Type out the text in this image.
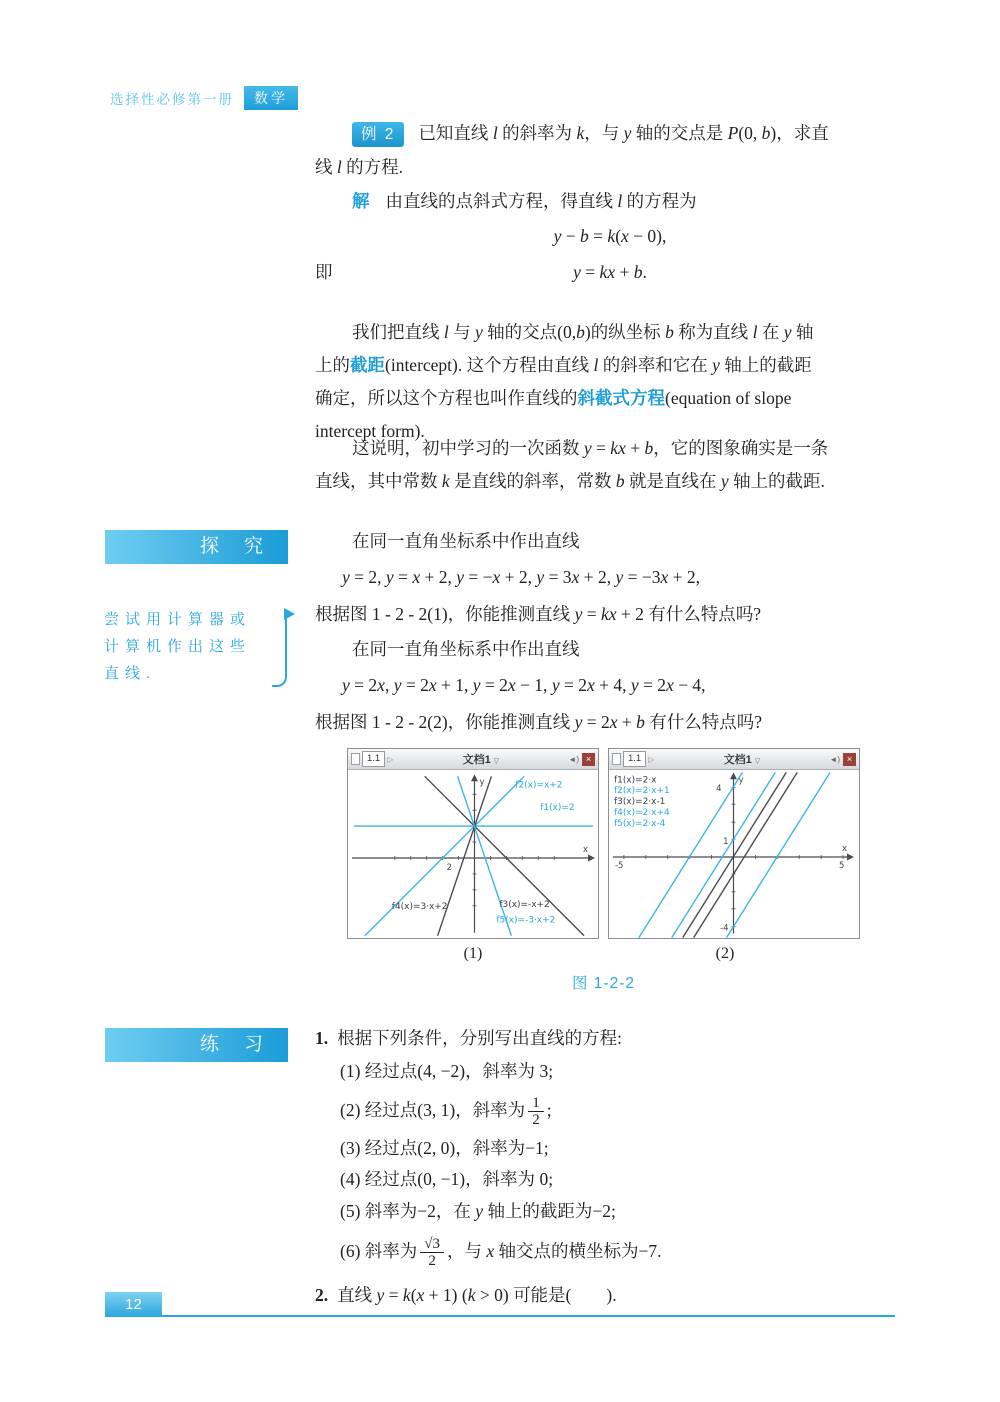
选择性必修第一册	数学
例 2 已知直线 l 的斜率为 k，与 y 轴的交点是 P(0, b)，求直
线 l 的方程.
解 由直线的点斜式方程，得直线 l 的方程为
y − b = k(x − 0),
即	y = kx + b.
我们把直线 l 与 y 轴的交点(0,b)的纵坐标 b 称为直线 l 在 y 轴
上的截距(intercept). 这个方程由直线 l 的斜率和它在 y 轴上的截距
确定，所以这个方程也叫作直线的斜截式方程(equation of slope
intercept form).
这说明，初中学习的一次函数 y = kx + b，它的图象确实是一条
直线，其中常数 k 是直线的斜率，常数 b 就是直线在 y 轴上的截距.
探　究
尝试用计算器或
计算机作出这些
直线.
在同一直角坐标系中作出直线
y = 2, y = x + 2, y = −x + 2, y = 3x + 2, y = −3x + 2,
根据图 1 - 2 - 2(1)，你能推测直线 y = kx + 2 有什么特点吗?
在同一直角坐标系中作出直线
y = 2x, y = 2x + 1, y = 2x − 1, y = 2x + 4, y = 2x − 4,
根据图 1 - 2 - 2(2)，你能推测直线 y = 2x + b 有什么特点吗?
1.1 ▷	文档1 ▽	◄) ×
x
y
2
f2(x)=x+2
f1(x)=2
f4(x)=3·x+2	f3(x)=-x+2
f5(x)=-3·x+2
1.1 ▷	文档1 ▽	◄) ×
x
y
4
1
-4
-5	5
f1(x)=2·x
f2(x)=2·x+1
f3(x)=2·x-1
f4(x)=2·x+4
f5(x)=2·x-4
(1)	(2)
图 1-2-2
练　习	1. 根据下列条件，分别写出直线的方程:
(1) 经过点(4, −2)，斜率为 3;
(2) 经过点(3, 1)，斜率为 $\frac{1}{2}$ ;
(3) 经过点(2, 0)，斜率为−1;
(4) 经过点(0, −1)，斜率为 0;
(5) 斜率为−2，在 y 轴上的截距为−2;
(6) 斜率为 $\frac{√3}{2}$ ，与 x 轴交点的横坐标为−7.
2. 直线 y = k(x + 1) (k > 0) 可能是(　　).
12
